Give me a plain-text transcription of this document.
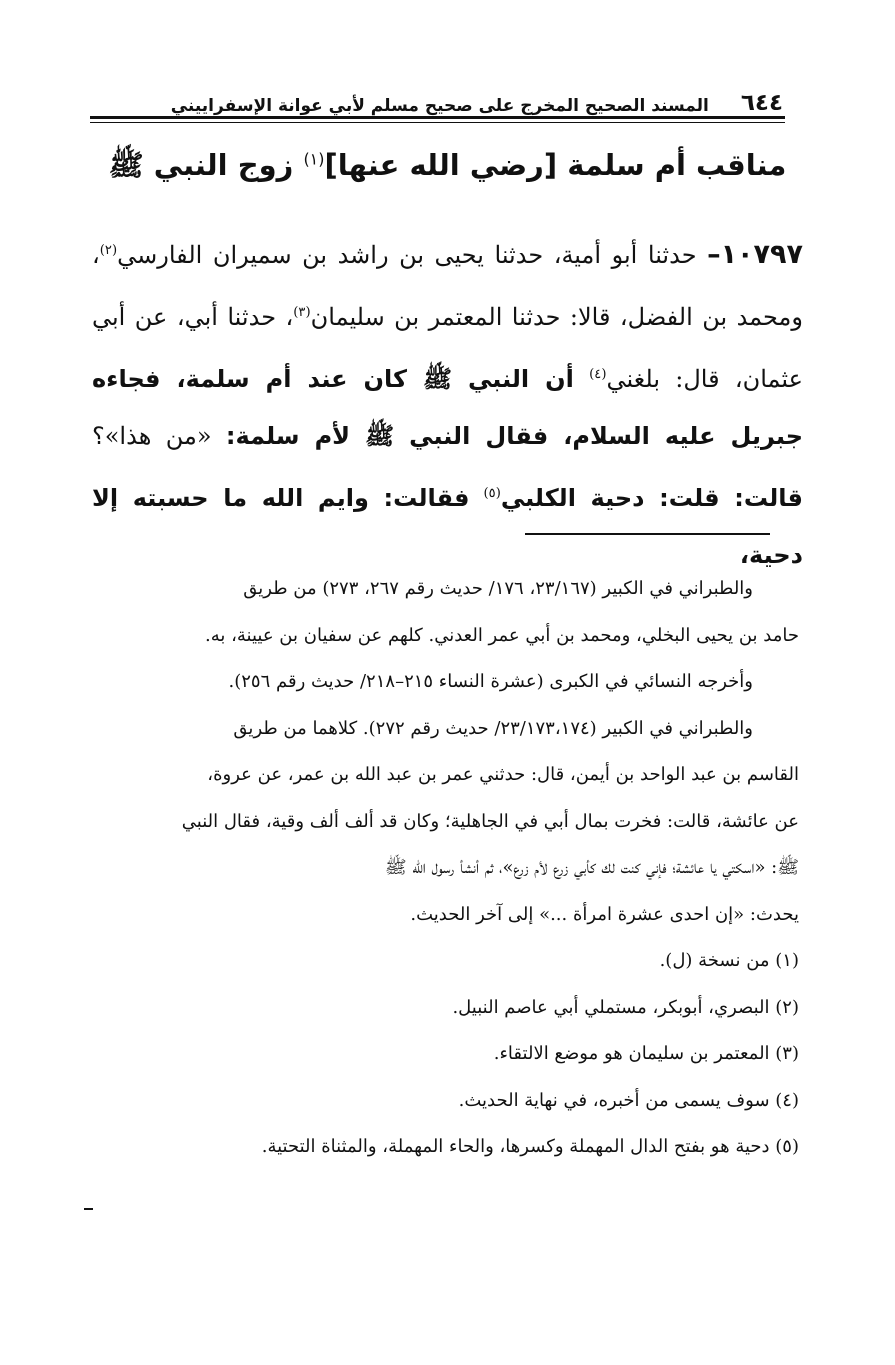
٦٤٤
المسند الصحيح المخرج على صحيح مسلم لأبي عوانة الإسفراييني
مناقب أم سلمة [رضي الله عنها]$^{(١)}$ زوج النبي ﷺ
١٠٧٩٧– حدثنا أبو أمية، حدثنا يحيى بن راشد بن سميران الفارسي$^{(٢)}$، ومحمد بن الفضل، قالا: حدثنا المعتمر بن سليمان$^{(٣)}$، حدثنا أبي، عن أبي عثمان، قال: بلغني$^{(٤)}$ أن النبي ﷺ كان عند أم سلمة، فجاءه جبريل عليه السلام، فقال النبي ﷺ لأم سلمة: «من هذا»؟ قالت: قلت: دحية الكلبي$^{(٥)}$ فقالت: وايم الله ما حسبته إلا دحية،

والطبراني في الكبير (٢٣/١٦٧، ١٧٦/ حديث رقم ٢٦٧، ٢٧٣) من طريق

حامد بن يحيى البخلي، ومحمد بن أبي عمر العدني. كلهم عن سفيان بن عيينة، به.

وأخرجه النسائي في الكبرى (عشرة النساء ٢١٥–٢١٨/ حديث رقم ٢٥٦).

والطبراني في الكبير (٢٣/١٧٣،١٧٤/ حديث رقم ٢٧٢). كلاهما من طريق

القاسم بن عبد الواحد بن أيمن، قال: حدثني عمر بن عبد الله بن عمر، عن عروة،

عن عائشة، قالت: فخرت بمال أبي في الجاهلية؛ وكان قد ألف ألف وقية، فقال النبي

ﷺ: «اسكتي يا عائشة؛ فإني كنت لك كأبي زرع لأم زرع»، ثم أنشأ رسول الله ﷺ

يحدث: «إن احدى عشرة امرأة ...» إلى آخر الحديث.

(١) من نسخة (ل).

(٢) البصري، أبوبكر، مستملي أبي عاصم النبيل.

(٣) المعتمر بن سليمان هو موضع الالتقاء.

(٤) سوف يسمى من أخبره، في نهاية الحديث.

(٥) دحية هو بفتح الدال المهملة وكسرها، والحاء المهملة، والمثناة التحتية.
